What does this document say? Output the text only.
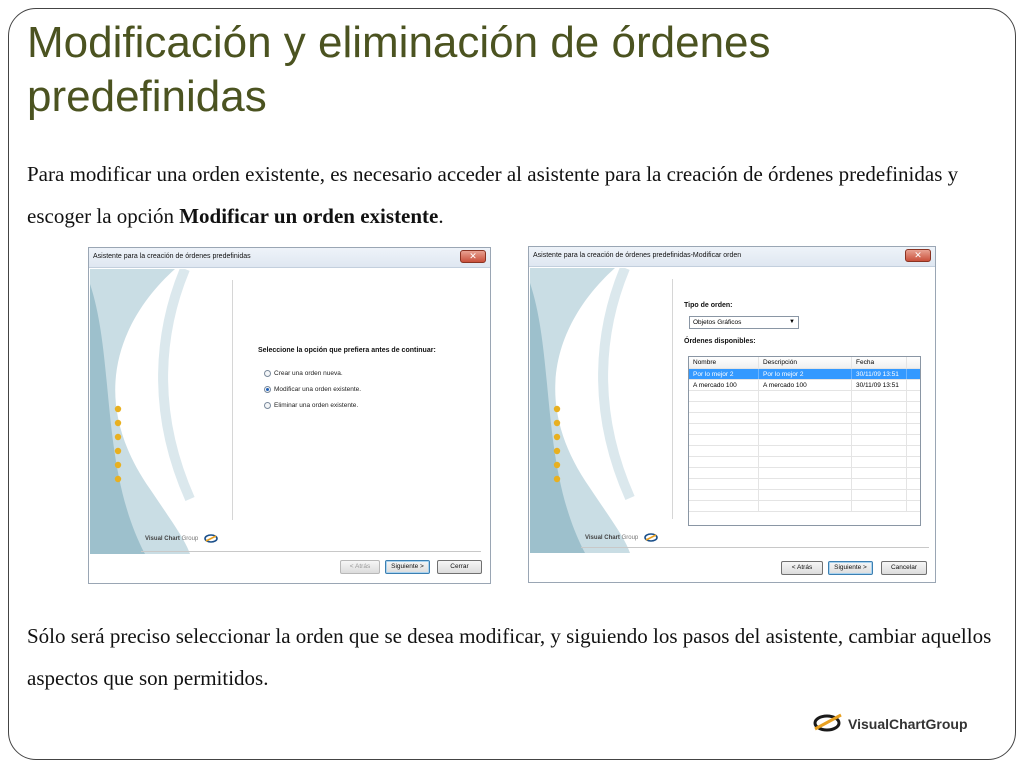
Modificación y eliminación de órdenes predefinidas

Para modificar una orden existente, es necesario acceder al asistente para la creación de órdenes predefinidas y escoger la opción Modificar un orden existente.

Asistente para la creación de órdenes predefinidas	✕
Visual Chart Group
Seleccione la opción que prefiera antes de continuar:
Crear una orden nueva.
Modificar una orden existente.
Eliminar una orden existente.
< Atrás	Siguiente >	Cerrar
Asistente para la creación de órdenes predefinidas-Modificar orden	✕
Visual Chart Group
Tipo de orden:
Objetos Gráficos	▼
Órdenes disponibles:
Nombre	Descripción	Fecha
Por lo mejor 2	Por lo mejor 2	30/11/09 13:51
A mercado 100	A mercado 100	30/11/09 13:51
< Atrás	Siguiente >	Cancelar

Sólo será preciso seleccionar la orden que se desea modificar, y siguiendo los pasos del asistente, cambiar aquellos aspectos que son permitidos.

VisualChartGroup
